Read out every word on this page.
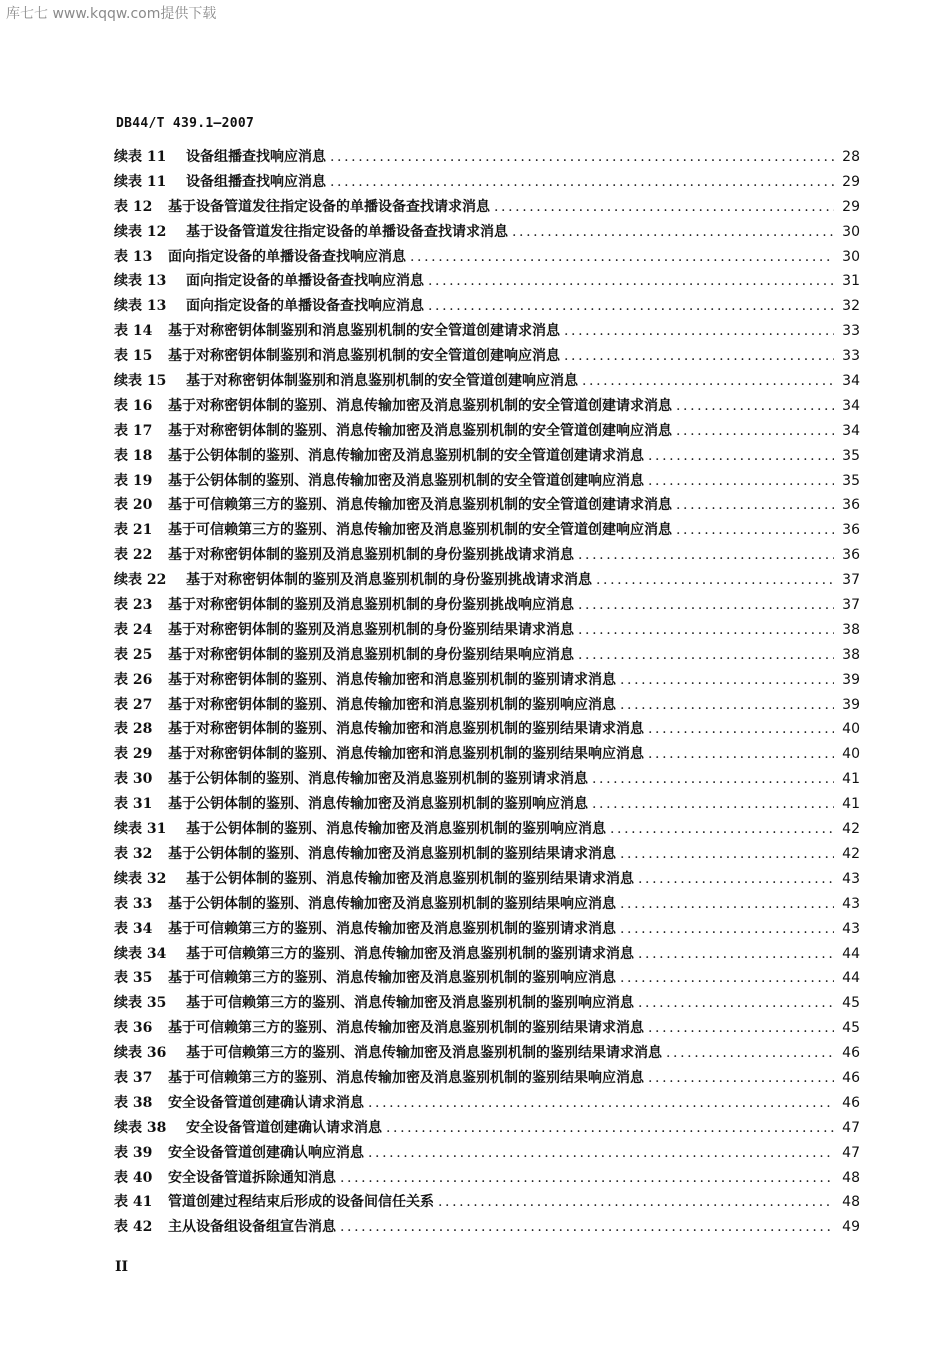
库七七 www.kqqw.com提供下载
DB44/T 439.1—2007
续表 11	设备组播查找响应消息 .....	28
续表 11	设备组播查找响应消息 .....	29
表 12	基于设备管道发往指定设备的单播设备查找请求消息 .....	29
续表 12	基于设备管道发往指定设备的单播设备查找请求消息 .....	30
表 13	面向指定设备的单播设备查找响应消息 .....	30
续表 13	面向指定设备的单播设备查找响应消息 .....	31
续表 13	面向指定设备的单播设备查找响应消息 .....	32
表 14	基于对称密钥体制鉴别和消息鉴别机制的安全管道创建请求消息 .....	33
表 15	基于对称密钥体制鉴别和消息鉴别机制的安全管道创建响应消息 .....	33
续表 15	基于对称密钥体制鉴别和消息鉴别机制的安全管道创建响应消息 .....	34
表 16	基于对称密钥体制的鉴别、消息传输加密及消息鉴别机制的安全管道创建请求消息 .....	34
表 17	基于对称密钥体制的鉴别、消息传输加密及消息鉴别机制的安全管道创建响应消息 .....	34
表 18	基于公钥体制的鉴别、消息传输加密及消息鉴别机制的安全管道创建请求消息 .....	35
表 19	基于公钥体制的鉴别、消息传输加密及消息鉴别机制的安全管道创建响应消息 .....	35
表 20	基于可信赖第三方的鉴别、消息传输加密及消息鉴别机制的安全管道创建请求消息 .....	36
表 21	基于可信赖第三方的鉴别、消息传输加密及消息鉴别机制的安全管道创建响应消息 .....	36
表 22	基于对称密钥体制的鉴别及消息鉴别机制的身份鉴别挑战请求消息 .....	36
续表 22	基于对称密钥体制的鉴别及消息鉴别机制的身份鉴别挑战请求消息 .....	37
表 23	基于对称密钥体制的鉴别及消息鉴别机制的身份鉴别挑战响应消息 .....	37
表 24	基于对称密钥体制的鉴别及消息鉴别机制的身份鉴别结果请求消息 .....	38
表 25	基于对称密钥体制的鉴别及消息鉴别机制的身份鉴别结果响应消息 .....	38
表 26	基于对称密钥体制的鉴别、消息传输加密和消息鉴别机制的鉴别请求消息 .....	39
表 27	基于对称密钥体制的鉴别、消息传输加密和消息鉴别机制的鉴别响应消息 .....	39
表 28	基于对称密钥体制的鉴别、消息传输加密和消息鉴别机制的鉴别结果请求消息 .....	40
表 29	基于对称密钥体制的鉴别、消息传输加密和消息鉴别机制的鉴别结果响应消息 .....	40
表 30	基于公钥体制的鉴别、消息传输加密及消息鉴别机制的鉴别请求消息 .....	41
表 31	基于公钥体制的鉴别、消息传输加密及消息鉴别机制的鉴别响应消息 .....	41
续表 31	基于公钥体制的鉴别、消息传输加密及消息鉴别机制的鉴别响应消息 .....	42
表 32	基于公钥体制的鉴别、消息传输加密及消息鉴别机制的鉴别结果请求消息 .....	42
续表 32	基于公钥体制的鉴别、消息传输加密及消息鉴别机制的鉴别结果请求消息 .....	43
表 33	基于公钥体制的鉴别、消息传输加密及消息鉴别机制的鉴别结果响应消息 .....	43
表 34	基于可信赖第三方的鉴别、消息传输加密及消息鉴别机制的鉴别请求消息 .....	43
续表 34	基于可信赖第三方的鉴别、消息传输加密及消息鉴别机制的鉴别请求消息 .....	44
表 35	基于可信赖第三方的鉴别、消息传输加密及消息鉴别机制的鉴别响应消息 .....	44
续表 35	基于可信赖第三方的鉴别、消息传输加密及消息鉴别机制的鉴别响应消息 .....	45
表 36	基于可信赖第三方的鉴别、消息传输加密及消息鉴别机制的鉴别结果请求消息 .....	45
续表 36	基于可信赖第三方的鉴别、消息传输加密及消息鉴别机制的鉴别结果请求消息 .....	46
表 37	基于可信赖第三方的鉴别、消息传输加密及消息鉴别机制的鉴别结果响应消息 .....	46
表 38	安全设备管道创建确认请求消息 .....	46
续表 38	安全设备管道创建确认请求消息 .....	47
表 39	安全设备管道创建确认响应消息 .....	47
表 40	安全设备管道拆除通知消息 .....	48
表 41	管道创建过程结束后形成的设备间信任关系 .....	48
表 42	主从设备组设备组宣告消息 .....	49
II
